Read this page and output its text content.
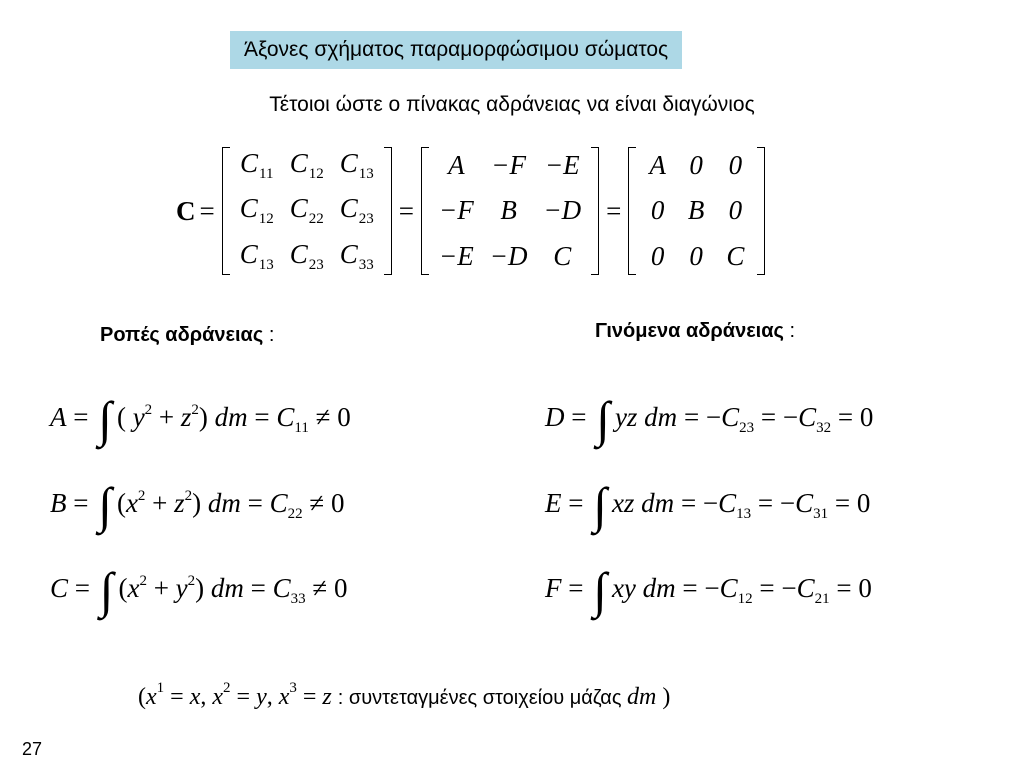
Άξονες σχήματος παραμορφώσιμου σώματος
Τέτοιοι ώστε ο πίνακας αδράνειας να είναι διαγώνιος
C =
$C_{11}$	$C_{12}$	$C_{13}$
$C_{12}$	$C_{22}$	$C_{23}$
$C_{13}$	$C_{23}$	$C_{33}$
=
A	−F	−E
−F	B	−D
−E	−D	C
=
A	0	0
0	B	0
0	0	C
Ροπές αδράνειας :	Γινόμενα αδράνειας :
A = ∫ ( $y^2 + z^2$) dm = $C_{11} \ne 0$
B = ∫ $(x^2 + z^2)$ dm = $C_{22} \ne 0$
C = ∫ $(x^2 + y^2)$ dm = $C_{33} \ne 0$
D = ∫ yz dm = $-C_{23} = -C_{32} = 0$
E = ∫ xz dm = $-C_{13} = -C_{31} = 0$
F = ∫ xy dm = $-C_{12} = -C_{21} = 0$
($x^1 = x$, $x^2 = y$, $x^3 = z$ : συντεταγμένες στοιχείου μάζας dm )
27
